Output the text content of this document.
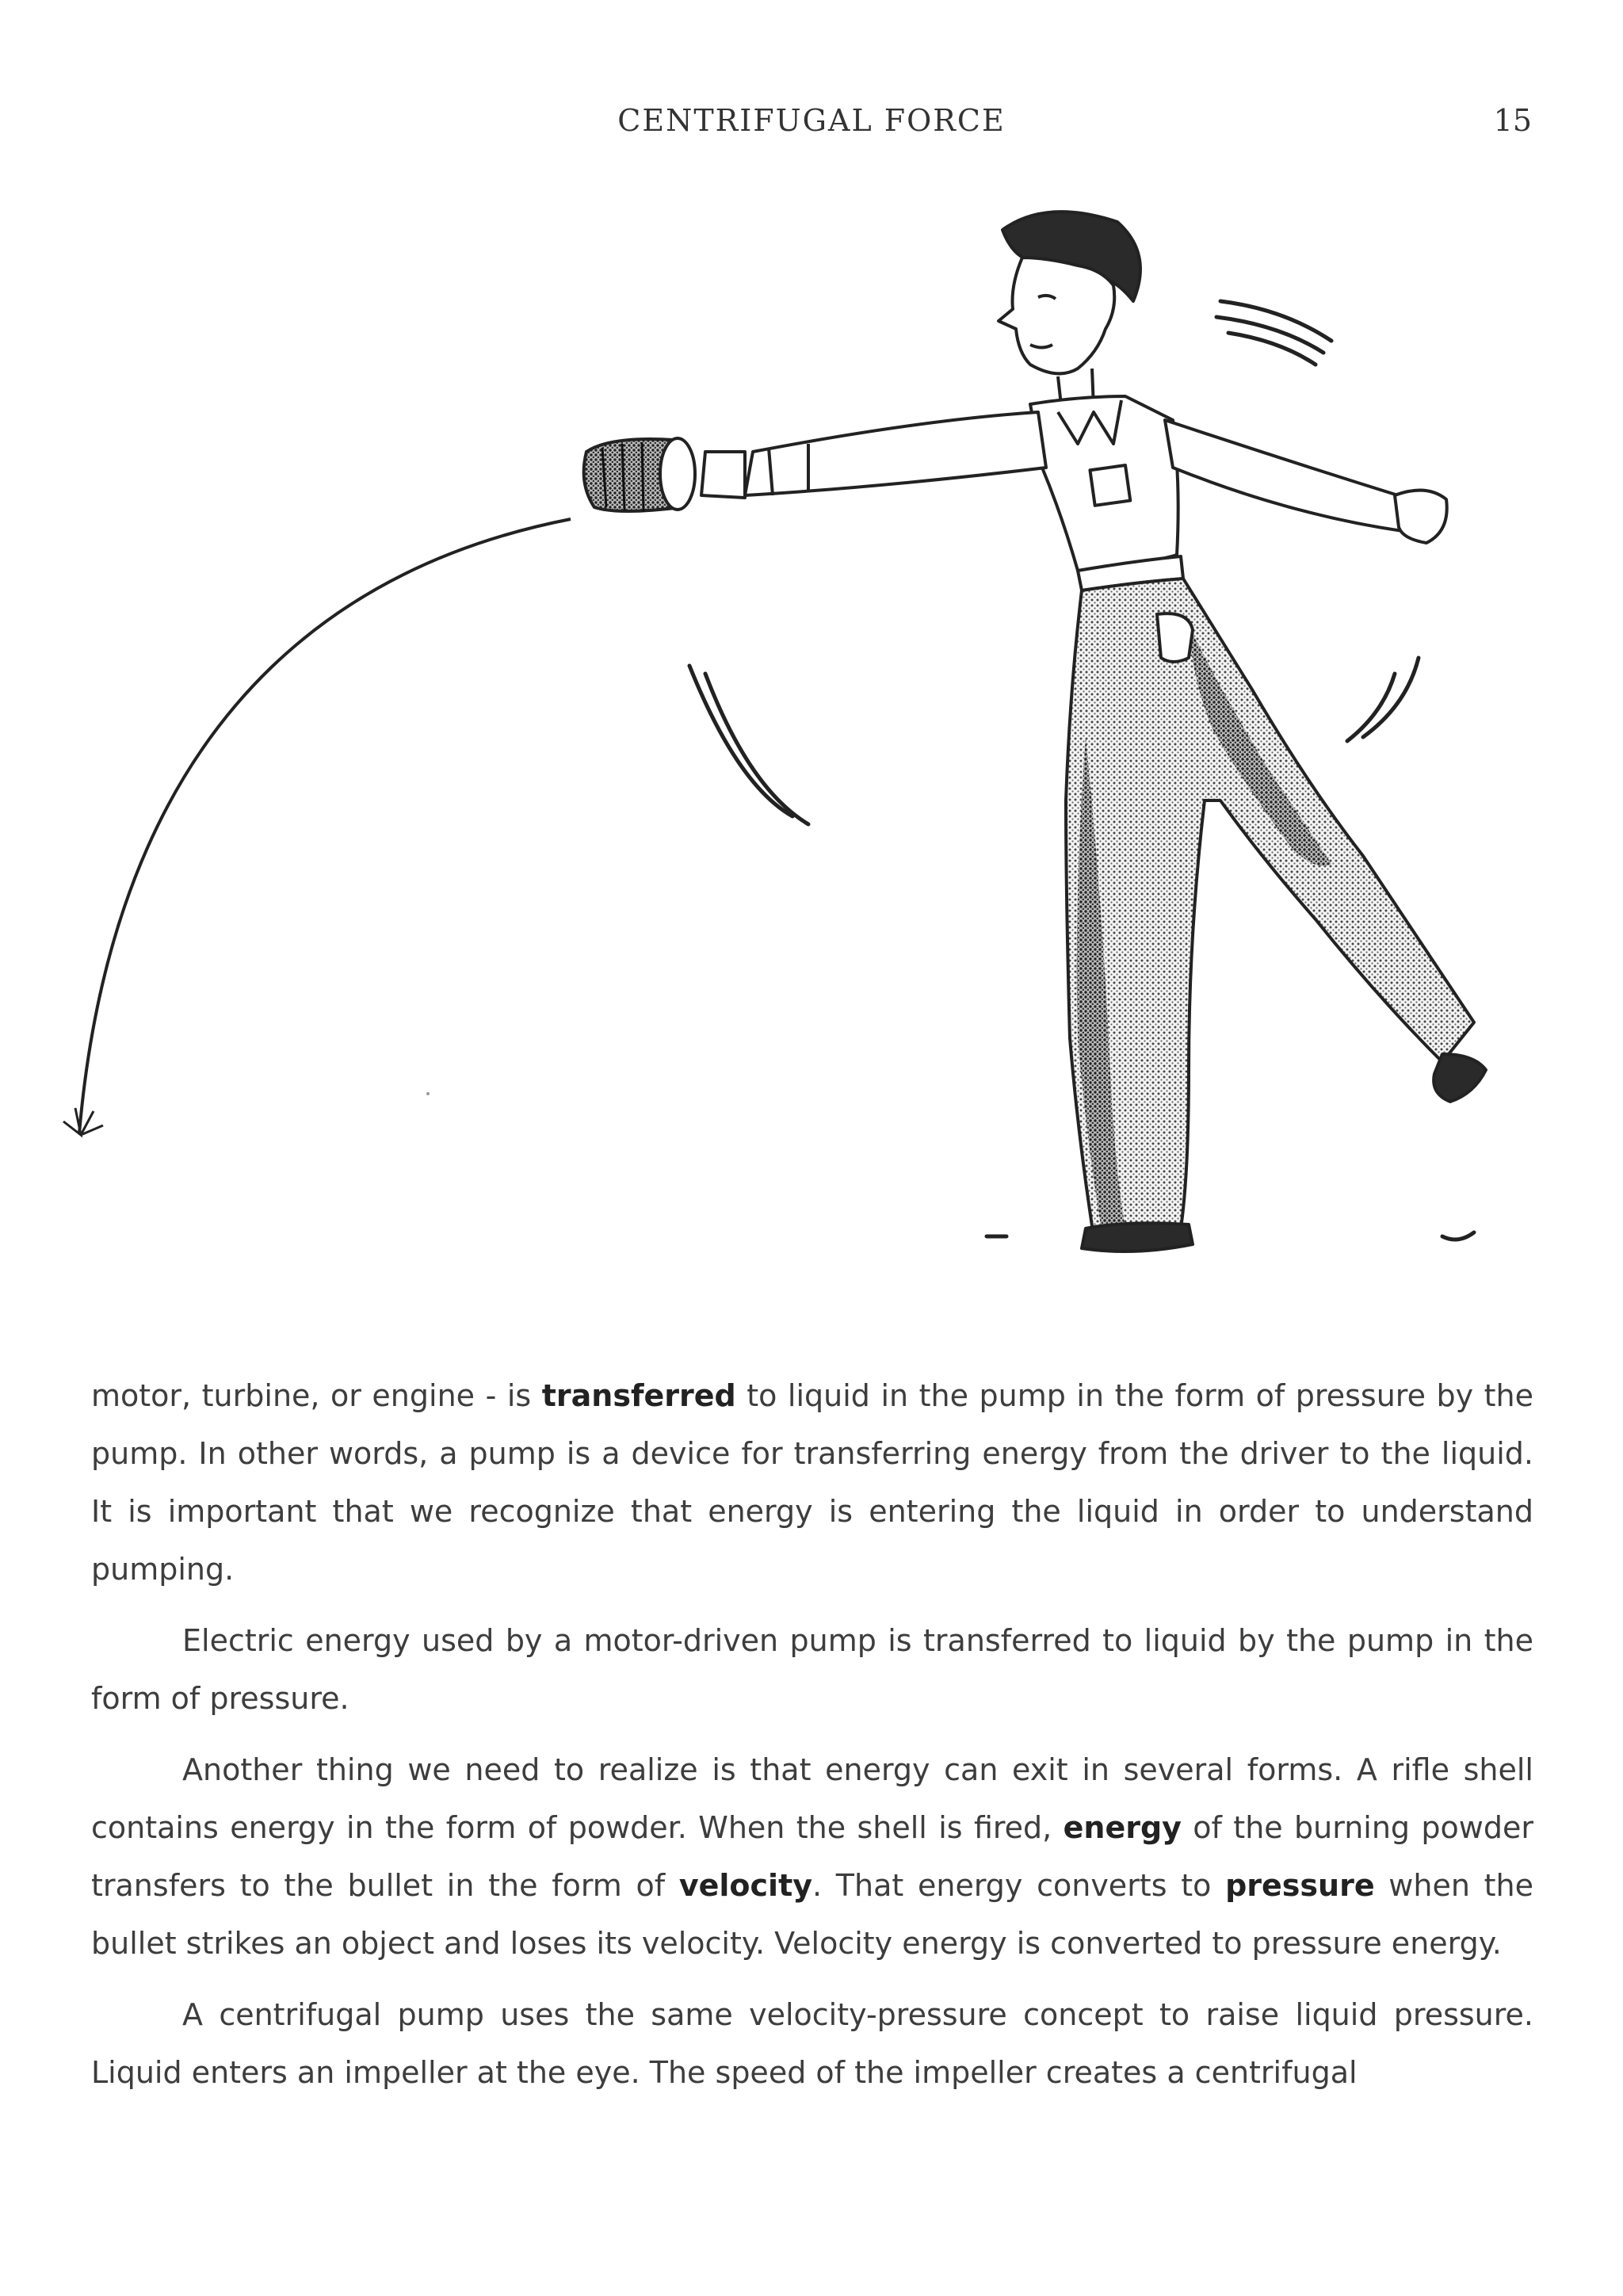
CENTRIFUGAL FORCE	15

motor, turbine, or engine - is transferred to liquid in the pump in the form of pressure by the pump. In other words, a pump is a device for transferring energy from the driver to the liquid. It is important that we recognize that energy is entering the liquid in order to understand pumping.

Electric energy used by a motor-driven pump is transferred to liquid by the pump in the form of pressure.

Another thing we need to realize is that energy can exit in several forms. A rifle shell contains energy in the form of powder. When the shell is fired, energy of the burning powder transfers to the bullet in the form of velocity. That energy converts to pressure when the bullet strikes an object and loses its velocity. Velocity energy is converted to pressure energy.

A centrifugal pump uses the same velocity-pressure concept to raise liquid pressure. Liquid enters an impeller at the eye. The speed of the impeller creates a centrifugal
